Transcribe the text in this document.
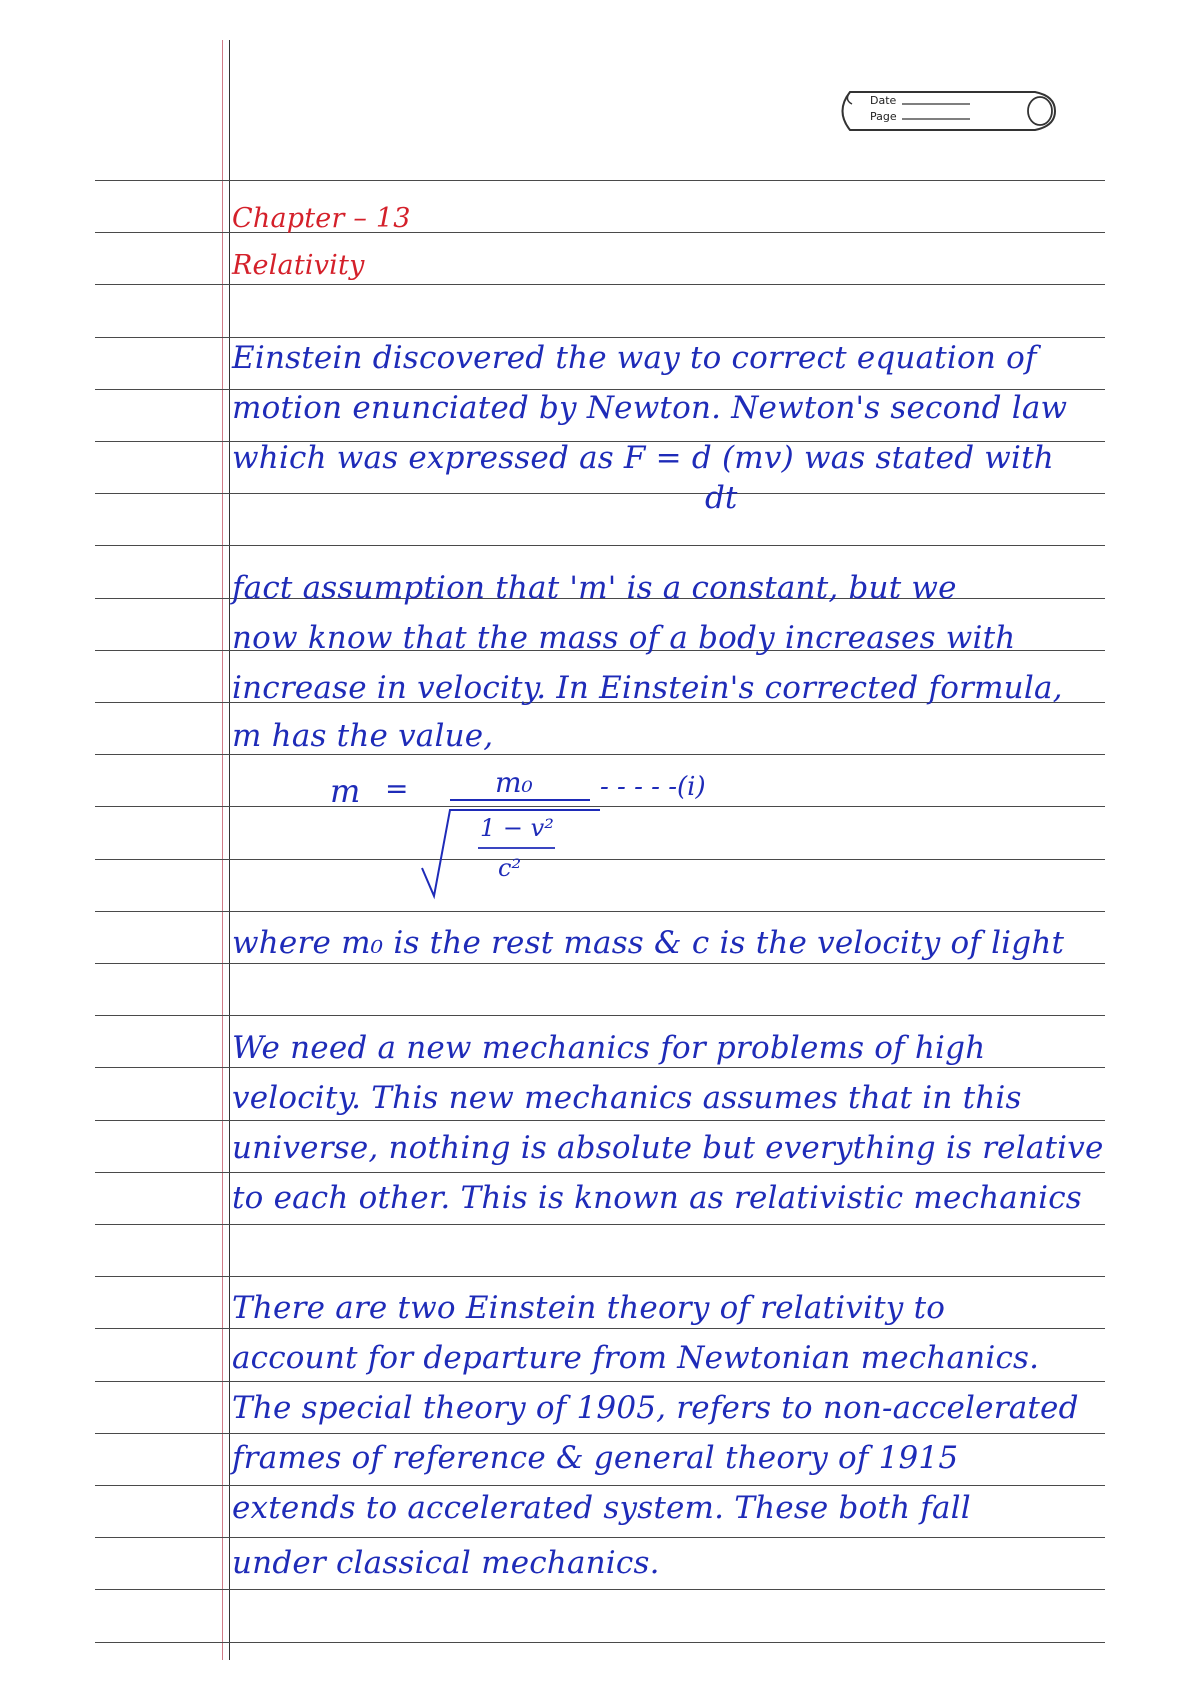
Date
Page
Chapter – 13
Relativity
Einstein discovered the way to correct equation of
motion enunciated by Newton. Newton's second law
which was expressed as F = d (mv) was stated with
dt
fact assumption that 'm' is a constant, but we
now know that the mass of a body increases with
increase in velocity. In Einstein's corrected formula,
m has the value,
m =	m₀
1 − v²
c²
- - - - -(i)
where m₀ is the rest mass & c is the velocity of light
We need a new mechanics for problems of high
velocity. This new mechanics assumes that in this
universe, nothing is absolute but everything is relative
to each other. This is known as relativistic mechanics
There are two Einstein theory of relativity to
account for departure from Newtonian mechanics.
The special theory of 1905, refers to non-accelerated
frames of reference & general theory of 1915
extends to accelerated system. These both fall
under classical mechanics.
